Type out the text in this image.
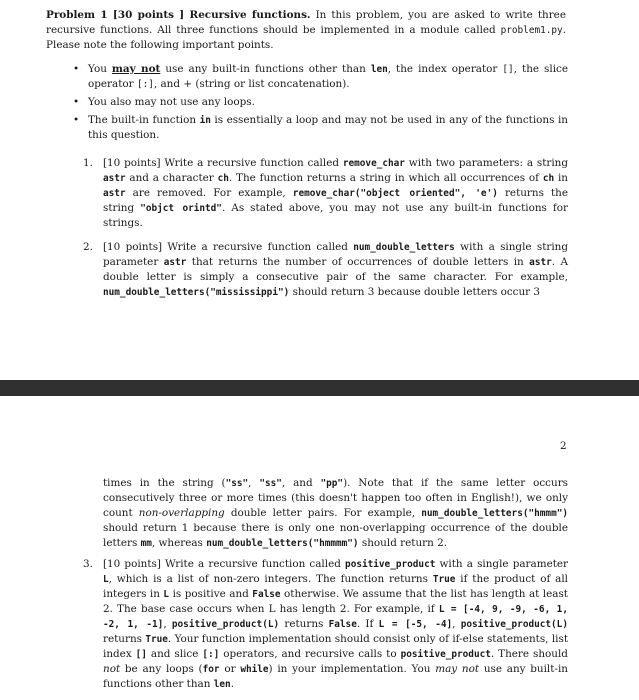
Problem 1 [30 points ] Recursive functions. In this problem, you are asked to write three recursive functions. All three functions should be implemented in a module called problem1.py. Please note the following important points.
• You may not use any built-in functions other than len, the index operator [], the slice operator [:], and + (string or list concatenation).
• You also may not use any loops.
• The built-in function in is essentially a loop and may not be used in any of the functions in this question.
1. [10 points] Write a recursive function called remove_char with two parameters: a string astr and a character ch. The function returns a string in which all occurrences of ch in astr are removed. For example, remove_char("object oriented", 'e') returns the string "objct orintd". As stated above, you may not use any built-in functions for strings.
2. [10 points] Write a recursive function called num_double_letters with a single string parameter astr that returns the number of occurrences of double letters in astr. A double letter is simply a consecutive pair of the same character. For example, num_double_letters("mississippi") should return 3 because double letters occur 3
2
times in the string ("ss", "ss", and "pp"). Note that if the same letter occurs consecutively three or more times (this doesn't happen too often in English!), we only count non-overlapping double letter pairs. For example, num_double_letters("hmmm") should return 1 because there is only one non-overlapping occurrence of the double letters mm, whereas num_double_letters("hmmmm") should return 2.
3. [10 points] Write a recursive function called positive_product with a single parameter L, which is a list of non-zero integers. The function returns True if the product of all integers in L is positive and False otherwise. We assume that the list has length at least 2. The base case occurs when L has length 2. For example, if L = [-4, 9, -9, -6, 1, -2, 1, -1], positive_product(L) returns False. If L = [-5, -4], positive_product(L) returns True. Your function implementation should consist only of if-else statements, list index [] and slice [:] operators, and recursive calls to positive_product. There should not be any loops (for or while) in your implementation. You may not use any built-in functions other than len.
